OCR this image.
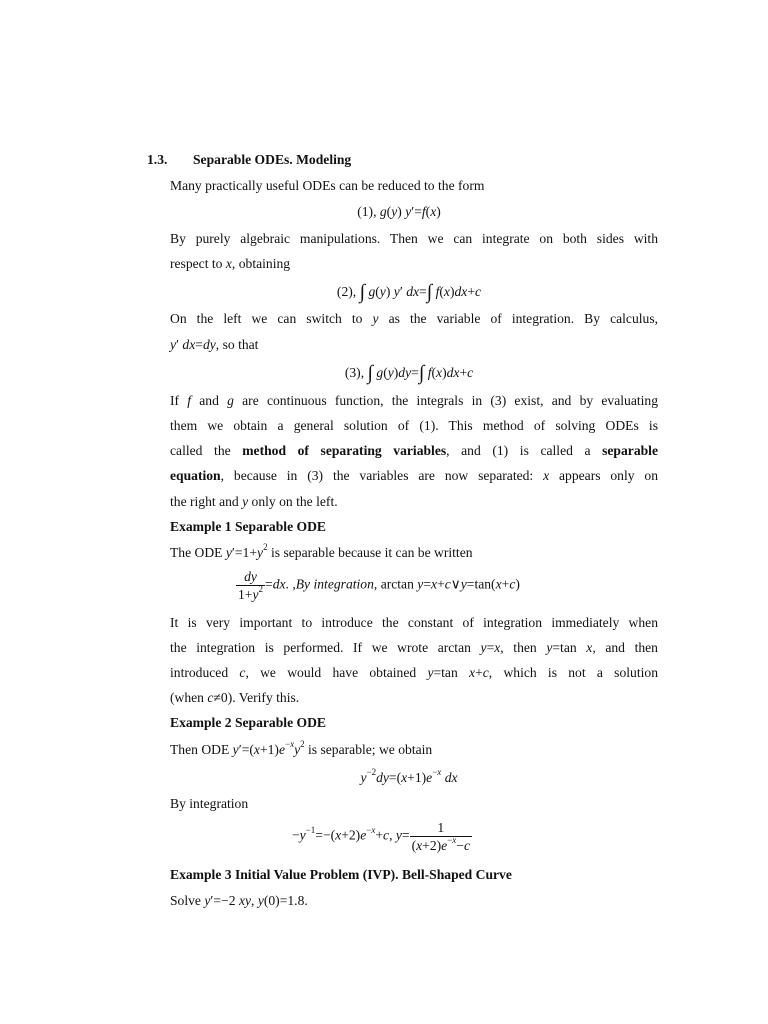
1.3. Separable ODEs. Modeling
Many practically useful ODEs can be reduced to the form
(1), g(y) y′=f(x)
By purely algebraic manipulations. Then we can integrate on both sides with
respect to x, obtaining
(2), ∫ g(y) y′ dx=∫ f(x)dx+c
On the left we can switch to y as the variable of integration. By calculus,
y′ dx=dy, so that
(3), ∫ g(y)dy=∫ f(x)dx+c
If f and g are continuous function, the integrals in (3) exist, and by evaluating
them we obtain a general solution of (1). This method of solving ODEs is
called the method of separating variables, and (1) is called a separable
equation, because in (3) the variables are now separated: x appears only on
the right and y only on the left.
Example 1 Separable ODE
The ODE $y'=1+y^2$ is separable because it can be written
$\frac{dy}{1+y^2} =dx$. ,By integration, arctan y=x+c∨y=tan(x+c)
It is very important to introduce the constant of integration immediately when
the integration is performed. If we wrote arctan y=x, then y=tan x, and then
introduced c, we would have obtained y=tan x+c, which is not a solution
(when c≠0). Verify this.
Example 2 Separable ODE
Then ODE $y'=(x+1)e^{-x}y^2$ is separable; we obtain
$y^{-2}dy=(x+1)e^{-x}$ dx
By integration
$-y^{-1}=-(x+2)e^{-x}+c$, $y= \frac{1}{(x+2)e^{-x}-c}$
Example 3 Initial Value Problem (IVP). Bell-Shaped Curve
Solve y′=−2 xy, y(0)=1.8.
